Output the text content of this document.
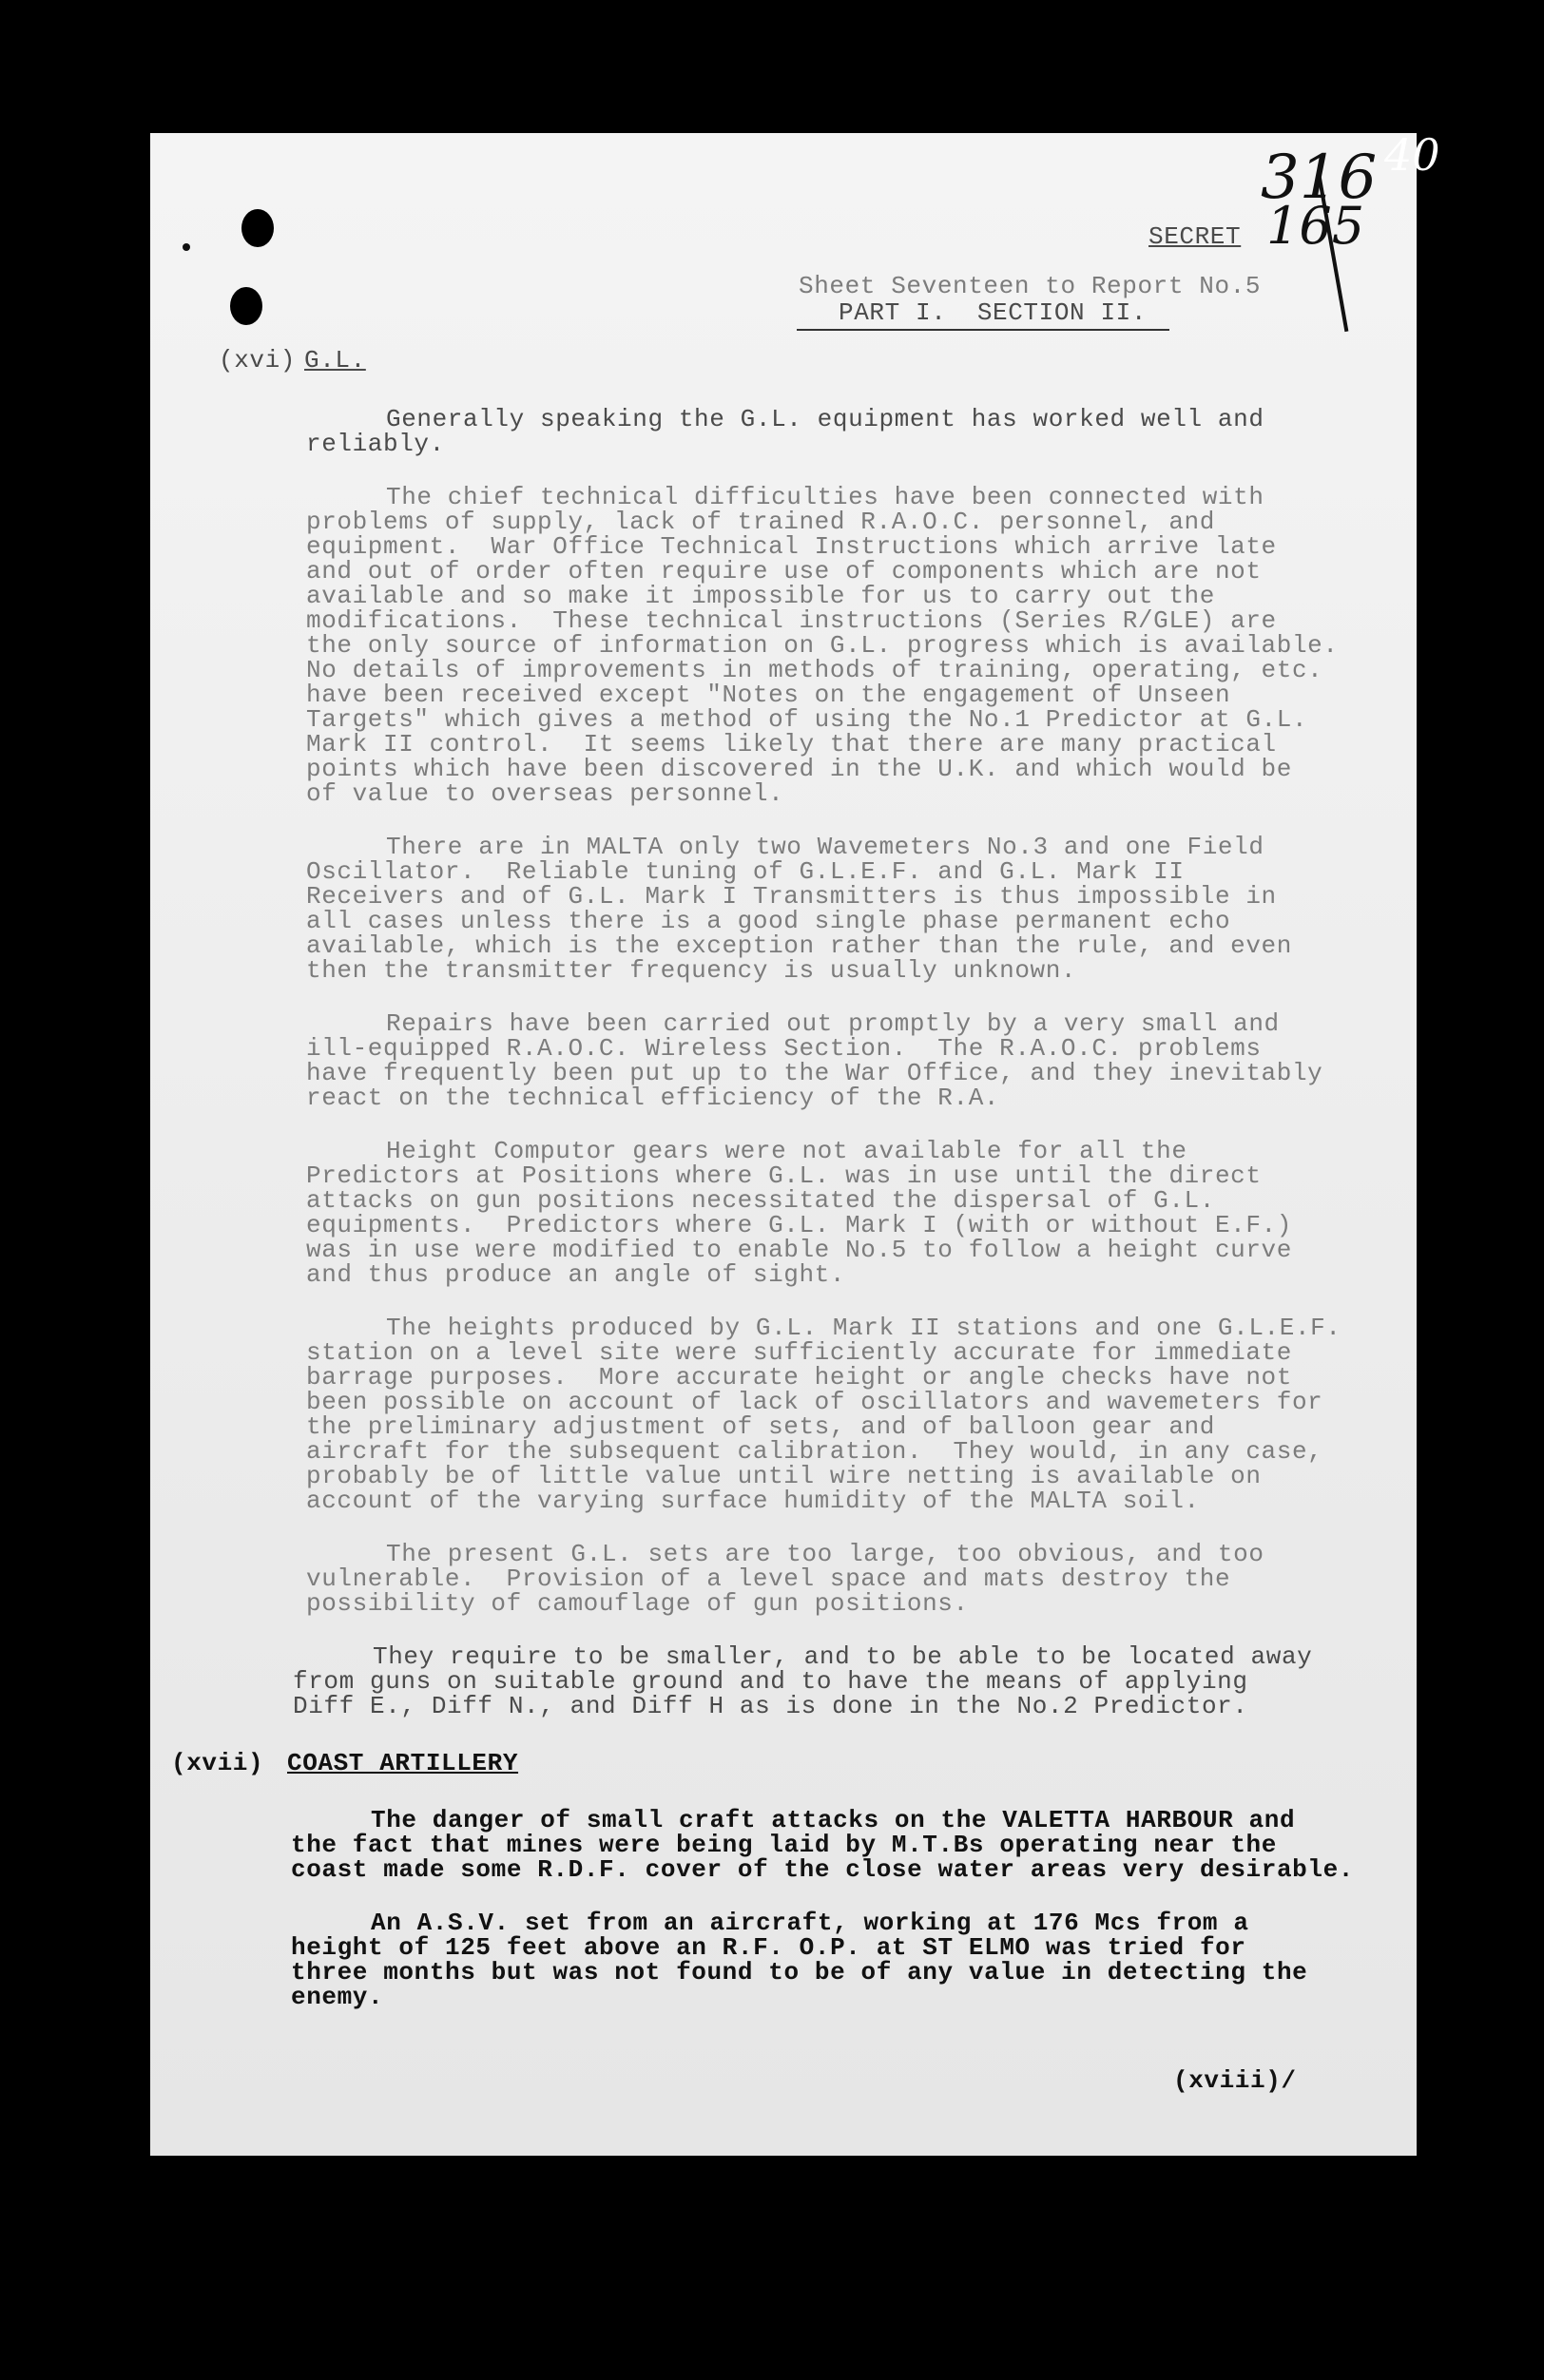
316
165
SECRET
Sheet Seventeen to Report No.5
PART I.  SECTION II.
(xvi) G.L.
Generally speaking the G.L. equipment has worked well and
reliably.
The chief technical difficulties have been connected with
problems of supply, lack of trained R.A.O.C. personnel, and
equipment.  War Office Technical Instructions which arrive late
and out of order often require use of components which are not
available and so make it impossible for us to carry out the
modifications.  These technical instructions (Series R/GLE) are
the only source of information on G.L. progress which is available.
No details of improvements in methods of training, operating, etc.
have been received except "Notes on the engagement of Unseen
Targets" which gives a method of using the No.1 Predictor at G.L.
Mark II control.  It seems likely that there are many practical
points which have been discovered in the U.K. and which would be
of value to overseas personnel.
There are in MALTA only two Wavemeters No.3 and one Field
Oscillator.  Reliable tuning of G.L.E.F. and G.L. Mark II
Receivers and of G.L. Mark I Transmitters is thus impossible in
all cases unless there is a good single phase permanent echo
available, which is the exception rather than the rule, and even
then the transmitter frequency is usually unknown.
Repairs have been carried out promptly by a very small and
ill-equipped R.A.O.C. Wireless Section.  The R.A.O.C. problems
have frequently been put up to the War Office, and they inevitably
react on the technical efficiency of the R.A.
Height Computor gears were not available for all the
Predictors at Positions where G.L. was in use until the direct
attacks on gun positions necessitated the dispersal of G.L.
equipments.  Predictors where G.L. Mark I (with or without E.F.)
was in use were modified to enable No.5 to follow a height curve
and thus produce an angle of sight.
The heights produced by G.L. Mark II stations and one G.L.E.F.
station on a level site were sufficiently accurate for immediate
barrage purposes.  More accurate height or angle checks have not
been possible on account of lack of oscillators and wavemeters for
the preliminary adjustment of sets, and of balloon gear and
aircraft for the subsequent calibration.  They would, in any case,
probably be of little value until wire netting is available on
account of the varying surface humidity of the MALTA soil.
The present G.L. sets are too large, too obvious, and too
vulnerable.  Provision of a level space and mats destroy the
possibility of camouflage of gun positions.
They require to be smaller, and to be able to be located away
from guns on suitable ground and to have the means of applying
Diff E., Diff N., and Diff H as is done in the No.2 Predictor.
(xvii) COAST ARTILLERY
The danger of small craft attacks on the VALETTA HARBOUR and
the fact that mines were being laid by M.T.Bs operating near the
coast made some R.D.F. cover of the close water areas very desirable.
An A.S.V. set from an aircraft, working at 176 Mcs from a
height of 125 feet above an R.F. O.P. at ST ELMO was tried for
three months but was not found to be of any value in detecting the
enemy.
(xviii)/
40
